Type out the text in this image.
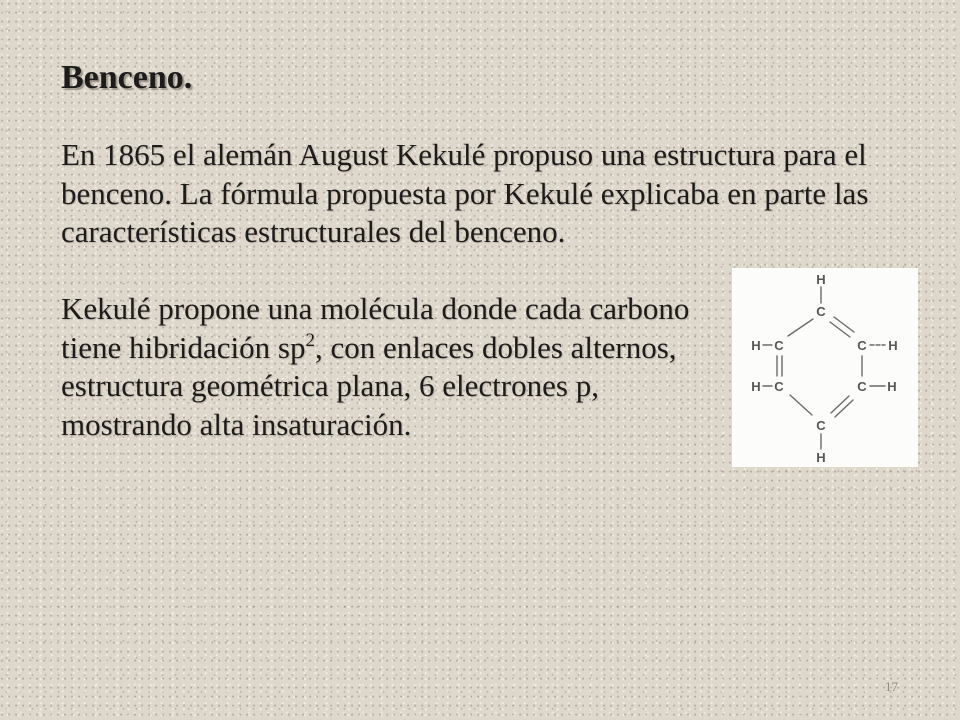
Benceno.
En 1865 el alemán August Kekulé propuso una estructura para el
benceno. La fórmula propuesta por Kekulé explicaba en parte las
características estructurales del benceno.
Kekulé propone una molécula donde cada carbono
tiene hibridación $sp^2$, con enlaces dobles alternos,
estructura geométrica plana, 6 electrones p,
mostrando alta insaturación.
H
C
C H
C H
C
H
C
H
C
H
17
